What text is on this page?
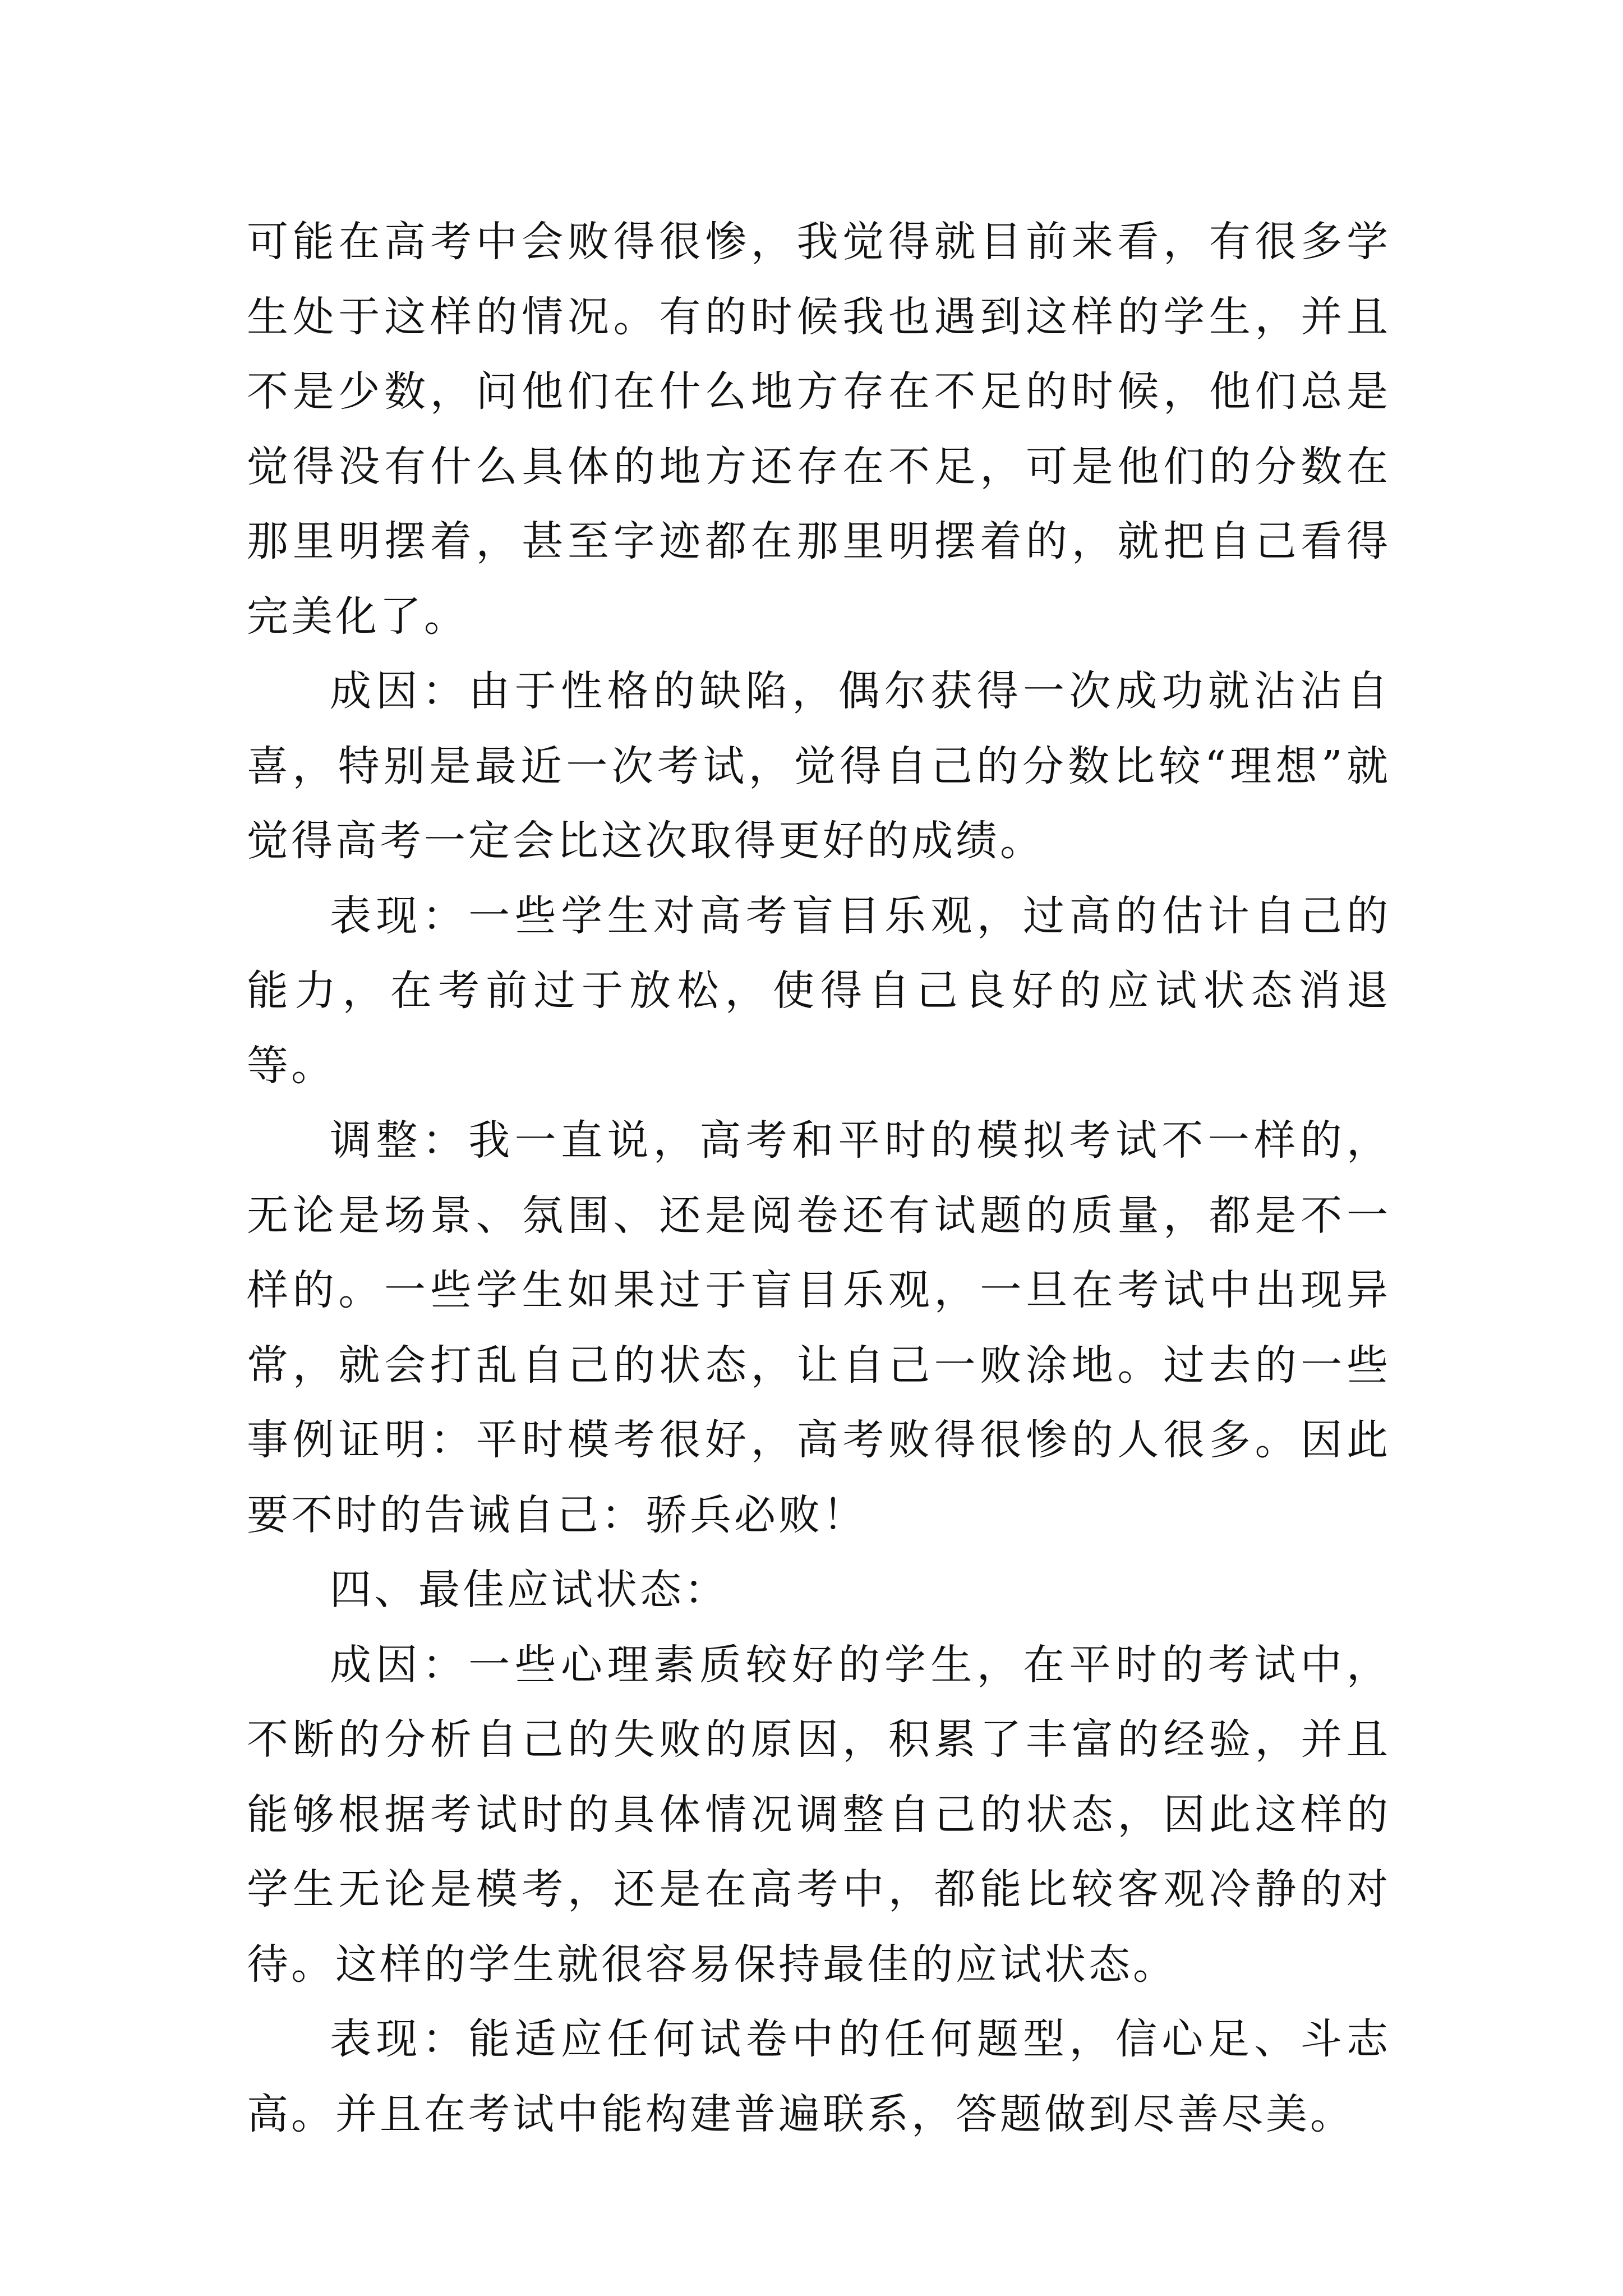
可能在高考中会败得很惨，我觉得就目前来看，有很多学生处于这样的情况。有的时候我也遇到这样的学生，并且不是少数，问他们在什么地方存在不足的时候，他们总是觉得没有什么具体的地方还存在不足，可是他们的分数在那里明摆着，甚至字迹都在那里明摆着的，就把自己看得完美化了。

成因：由于性格的缺陷，偶尔获得一次成功就沾沾自喜，特别是最近一次考试，觉得自己的分数比较“理想”就觉得高考一定会比这次取得更好的成绩。

表现：一些学生对高考盲目乐观，过高的估计自己的能力，在考前过于放松，使得自己良好的应试状态消退等。

调整：我一直说，高考和平时的模拟考试不一样的，无论是场景、氛围、还是阅卷还有试题的质量，都是不一样的。一些学生如果过于盲目乐观，一旦在考试中出现异常，就会打乱自己的状态，让自己一败涂地。过去的一些事例证明：平时模考很好，高考败得很惨的人很多。因此要不时的告诫自己：骄兵必败！

四、最佳应试状态：

成因：一些心理素质较好的学生，在平时的考试中，不断的分析自己的失败的原因，积累了丰富的经验，并且能够根据考试时的具体情况调整自己的状态，因此这样的学生无论是模考，还是在高考中，都能比较客观冷静的对待。这样的学生就很容易保持最佳的应试状态。

表现：能适应任何试卷中的任何题型，信心足、斗志高。并且在考试中能构建普遍联系，答题做到尽善尽美。
